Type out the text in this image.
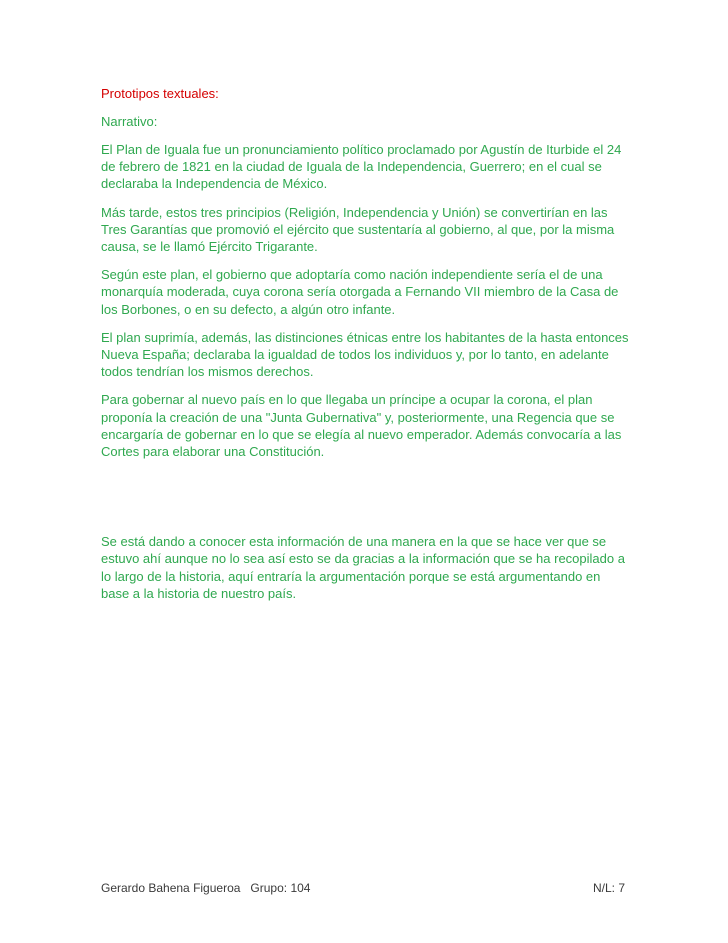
Prototipos textuales:

Narrativo:

El Plan de Iguala fue un pronunciamiento político proclamado por Agustín de Iturbide el 24 de febrero de 1821 en la ciudad de Iguala de la Independencia, Guerrero; en el cual se declaraba la Independencia de México.

Más tarde, estos tres principios (Religión, Independencia y Unión) se convertirían en las Tres Garantías que promovió el ejército que sustentaría al gobierno, al que, por la misma causa, se le llamó Ejército Trigarante.

Según este plan, el gobierno que adoptaría como nación independiente sería el de una monarquía moderada, cuya corona sería otorgada a Fernando VII miembro de la Casa de los Borbones, o en su defecto, a algún otro infante.

El plan suprimía, además, las distinciones étnicas entre los habitantes de la hasta entonces Nueva España; declaraba la igualdad de todos los individuos y, por lo tanto, en adelante todos tendrían los mismos derechos.

Para gobernar al nuevo país en lo que llegaba un príncipe a ocupar la corona, el plan proponía la creación de una "Junta Gubernativa" y, posteriormente, una Regencia que se encargaría de gobernar en lo que se elegía al nuevo emperador. Además convocaría a las Cortes para elaborar una Constitución.

Se está dando a conocer esta información de una manera en la que se hace ver que se estuvo ahí aunque no lo sea así esto se da gracias a la información que se ha recopilado a lo largo de la historia, aquí entraría la argumentación porque se está argumentando en base a la historia de nuestro país.

Gerardo Bahena Figueroa   Grupo: 104	N/L: 7
